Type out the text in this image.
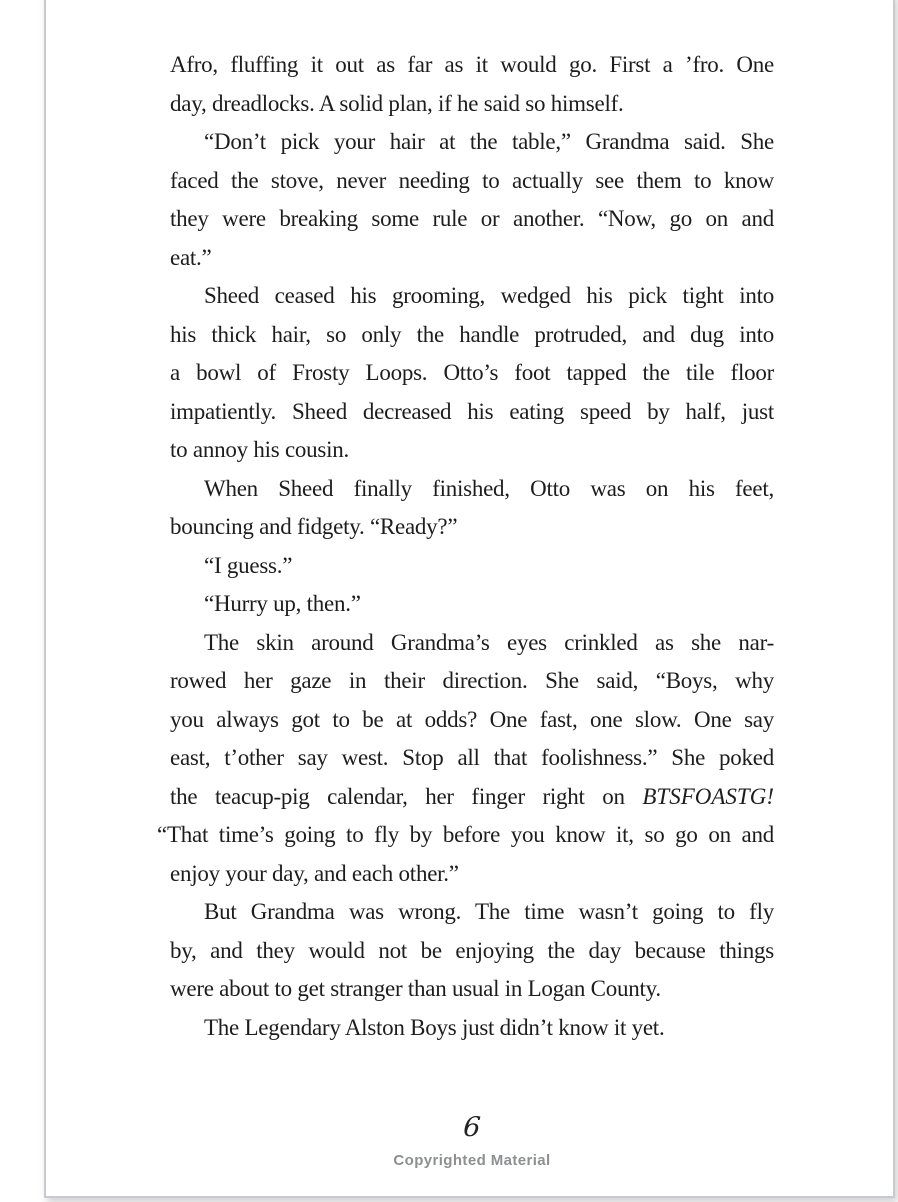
Afro, fluffing it out as far as it would go. First a ’fro. One
day, dreadlocks. A solid plan, if he said so himself.
“Don’t pick your hair at the table,” Grandma said. She
faced the stove, never needing to actually see them to know
they were breaking some rule or another. “Now, go on and
eat.”
Sheed ceased his grooming, wedged his pick tight into
his thick hair, so only the handle protruded, and dug into
a bowl of Frosty Loops. Otto’s foot tapped the tile floor
impatiently. Sheed decreased his eating speed by half, just
to annoy his cousin.
When Sheed finally finished, Otto was on his feet,
bouncing and fidgety. “Ready?”
“I guess.”
“Hurry up, then.”
The skin around Grandma’s eyes crinkled as she nar-
rowed her gaze in their direction. She said, “Boys, why
you always got to be at odds? One fast, one slow. One say
east, t’other say west. Stop all that foolishness.” She poked
the teacup-pig calendar, her finger right on BTSFOASTG!
“That time’s going to fly by before you know it, so go on and
enjoy your day, and each other.”
But Grandma was wrong. The time wasn’t going to fly
by, and they would not be enjoying the day because things
were about to get stranger than usual in Logan County.
The Legendary Alston Boys just didn’t know it yet.
6
Copyrighted Material
